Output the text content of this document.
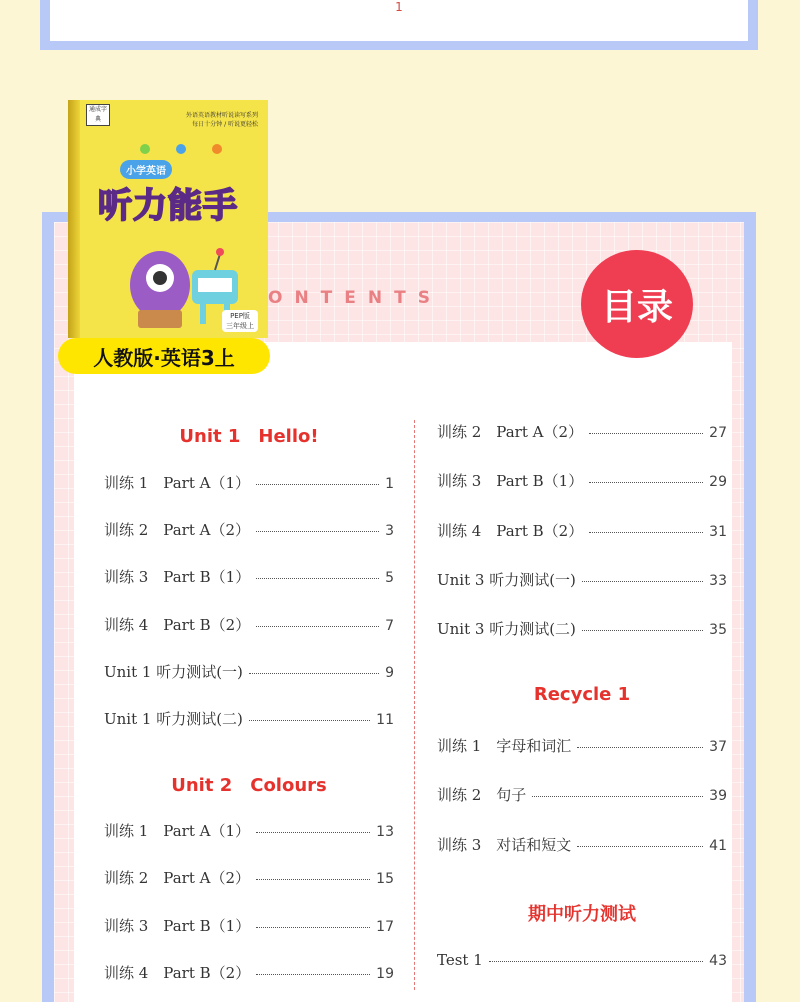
1
ONTENTS	目录
通成字典
外语英语教材听说读写系列
每日十分钟 / 听说更轻松
小学英语
听力能手
PEP版
三年级上
人教版·英语3上
Unit 1　Hello!
训练 1　Part A（1）	1
训练 2　Part A（2）	3
训练 3　Part B（1）	5
训练 4　Part B（2）	7
Unit 1 听力测试(一)	9
Unit 1 听力测试(二)	11
Unit 2　Colours
训练 1　Part A（1）	13
训练 2　Part A（2）	15
训练 3　Part B（1）	17
训练 4　Part B（2）	19
训练 2　Part A（2）	27
训练 3　Part B（1）	29
训练 4　Part B（2）	31
Unit 3 听力测试(一)	33
Unit 3 听力测试(二)	35
Recycle 1
训练 1　字母和词汇	37
训练 2　句子	39
训练 3　对话和短文	41
期中听力测试
Test 1	43
